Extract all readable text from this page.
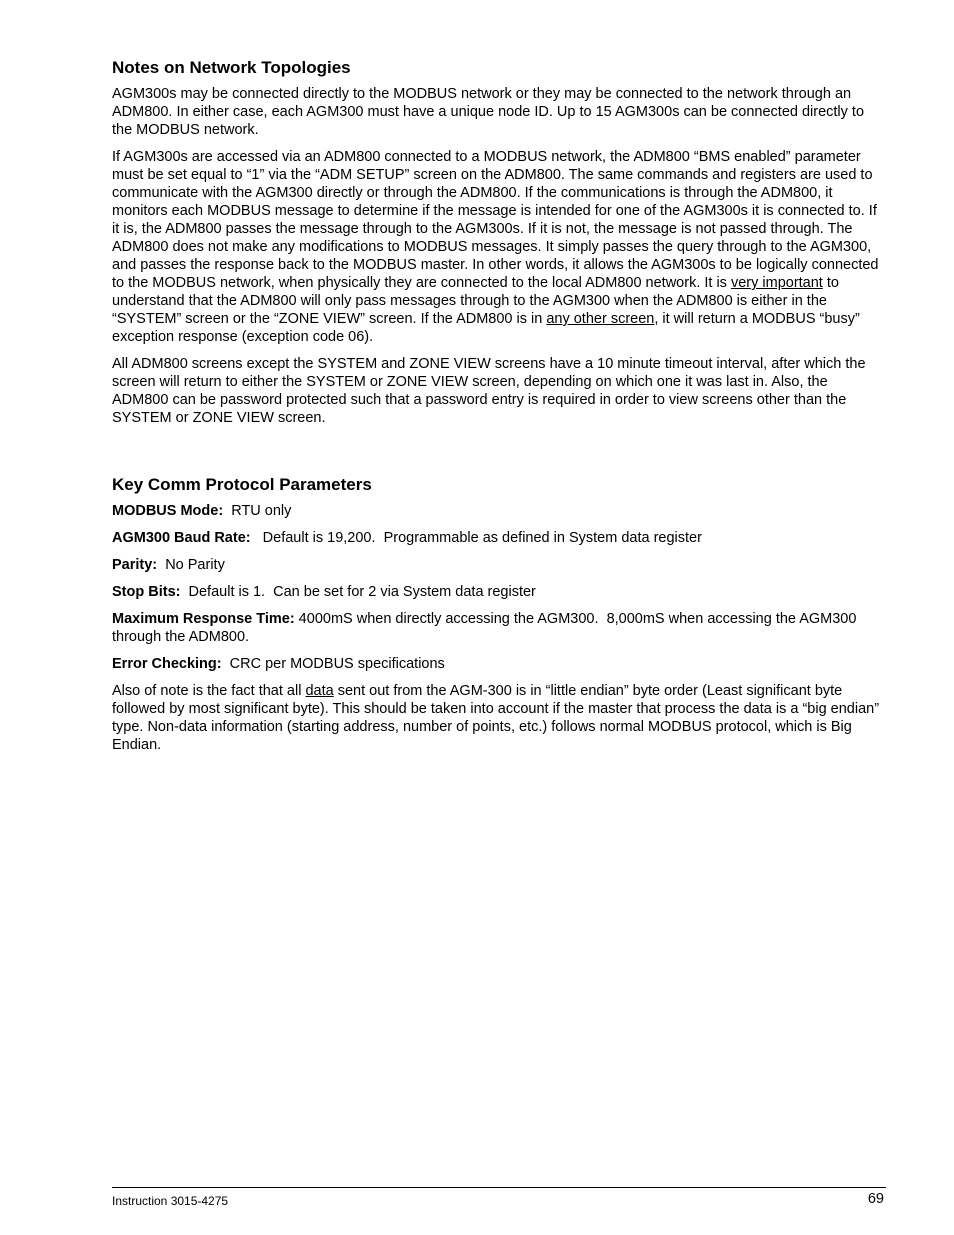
Notes on Network Topologies

AGM300s may be connected directly to the MODBUS network or they may be connected to the network through an ADM800. In either case, each AGM300 must have a unique node ID. Up to 15 AGM300s can be connected directly to the MODBUS network.

If AGM300s are accessed via an ADM800 connected to a MODBUS network, the ADM800 “BMS enabled” parameter must be set equal to “1” via the “ADM SETUP” screen on the ADM800. The same commands and registers are used to communicate with the AGM300 directly or through the ADM800. If the communications is through the ADM800, it monitors each MODBUS message to determine if the message is intended for one of the AGM300s it is connected to. If it is, the ADM800 passes the message through to the AGM300s. If it is not, the message is not passed through. The ADM800 does not make any modifications to MODBUS messages. It simply passes the query through to the AGM300, and passes the response back to the MODBUS master. In other words, it allows the AGM300s to be logically connected to the MODBUS network, when physically they are connected to the local ADM800 network. It is very important to understand that the ADM800 will only pass messages through to the AGM300 when the ADM800 is either in the “SYSTEM” screen or the “ZONE VIEW” screen. If the ADM800 is in any other screen, it will return a MODBUS “busy” exception response (exception code 06).

All ADM800 screens except the SYSTEM and ZONE VIEW screens have a 10 minute timeout interval, after which the screen will return to either the SYSTEM or ZONE VIEW screen, depending on which one it was last in. Also, the ADM800 can be password protected such that a password entry is required in order to view screens other than the SYSTEM or ZONE VIEW screen.

Key Comm Protocol Parameters

MODBUS Mode:  RTU only

AGM300 Baud Rate:   Default is 19,200.  Programmable as defined in System data register

Parity:  No Parity

Stop Bits:  Default is 1.  Can be set for 2 via System data register

Maximum Response Time: 4000mS when directly accessing the AGM300.  8,000mS when accessing the AGM300 through the ADM800.

Error Checking:  CRC per MODBUS specifications

Also of note is the fact that all data sent out from the AGM-300 is in “little endian” byte order (Least significant byte followed by most significant byte). This should be taken into account if the master that process the data is a “big endian” type. Non-data information (starting address, number of points, etc.) follows normal MODBUS protocol, which is Big Endian.

Instruction 3015-4275	69
